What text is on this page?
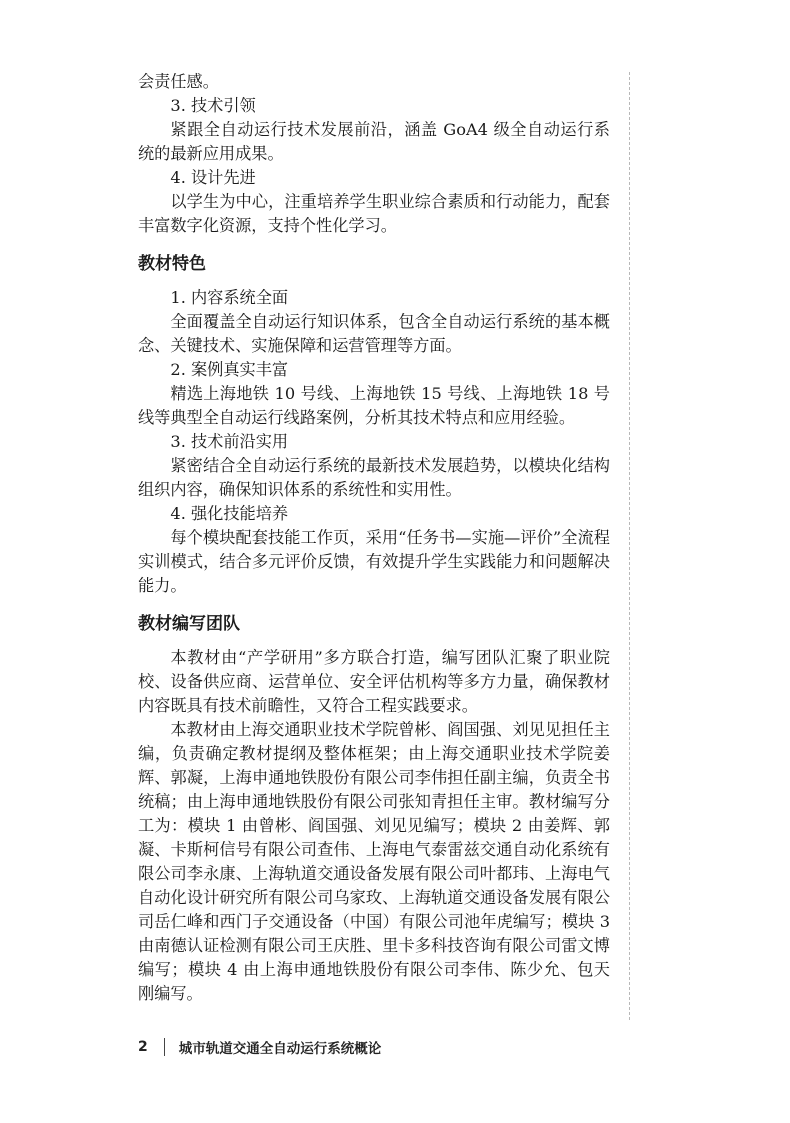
会责任感。

3. 技术引领

紧跟全自动运行技术发展前沿，涵盖 GoA4 级全自动运行系统的最新应用成果。

4. 设计先进

以学生为中心，注重培养学生职业综合素质和行动能力，配套丰富数字化资源，支持个性化学习。

教材特色

1. 内容系统全面

全面覆盖全自动运行知识体系，包含全自动运行系统的基本概念、关键技术、实施保障和运营管理等方面。

2. 案例真实丰富

精选上海地铁 10 号线、上海地铁 15 号线、上海地铁 18 号线等典型全自动运行线路案例，分析其技术特点和应用经验。

3. 技术前沿实用

紧密结合全自动运行系统的最新技术发展趋势，以模块化结构组织内容，确保知识体系的系统性和实用性。

4. 强化技能培养

每个模块配套技能工作页，采用“任务书—实施—评价”全流程实训模式，结合多元评价反馈，有效提升学生实践能力和问题解决能力。

教材编写团队

本教材由“产学研用”多方联合打造，编写团队汇聚了职业院校、设备供应商、运营单位、安全评估机构等多方力量，确保教材内容既具有技术前瞻性，又符合工程实践要求。

本教材由上海交通职业技术学院曾彬、阎国强、刘见见担任主编，负责确定教材提纲及整体框架；由上海交通职业技术学院姜辉、郭凝，上海申通地铁股份有限公司李伟担任副主编，负责全书统稿；由上海申通地铁股份有限公司张知青担任主审。教材编写分工为：模块 1 由曾彬、阎国强、刘见见编写；模块 2 由姜辉、郭凝、卡斯柯信号有限公司查伟、上海电气泰雷兹交通自动化系统有限公司李永康、上海轨道交通设备发展有限公司叶都玮、上海电气自动化设计研究所有限公司乌家玫、上海轨道交通设备发展有限公司岳仁峰和西门子交通设备（中国）有限公司池年虎编写；模块 3 由南德认证检测有限公司王庆胜、里卡多科技咨询有限公司雷文博编写；模块 4 由上海申通地铁股份有限公司李伟、陈少允、包天刚编写。

2 城市轨道交通全自动运行系统概论
